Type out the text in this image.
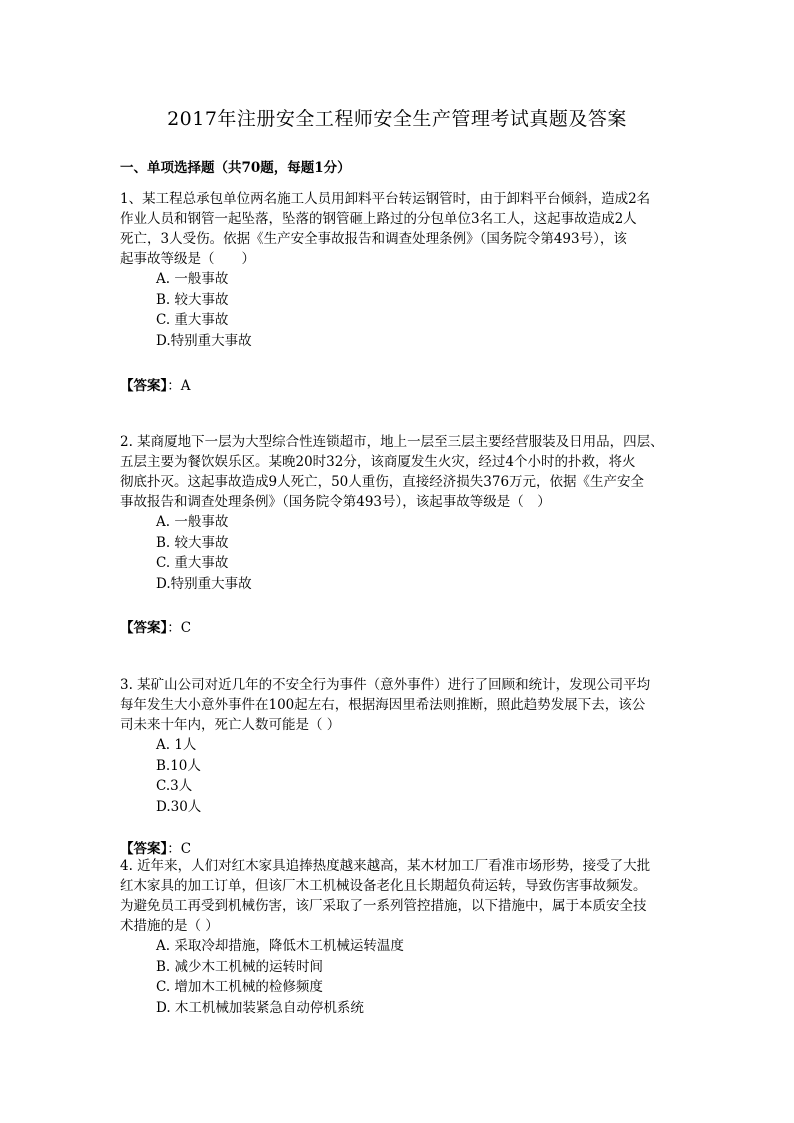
2017年注册安全工程师安全生产管理考试真题及答案
一、单项选择题（共70题，每题1分）

1、某工程总承包单位两名施工人员用卸料平台转运钢管时，由于卸料平台倾斜，造成2名

作业人员和钢管一起坠落，坠落的钢管砸上路过的分包单位3名工人，这起事故造成2人

死亡，3人受伤。依据《生产安全事故报告和调查处理条例》（国务院令第493号），该

起事故等级是（　　）

A. 一般事故
B. 较大事故
C. 重大事故
D.特别重大事故
【答案】：A

2. 某商厦地下一层为大型综合性连锁超市，地上一层至三层主要经营服装及日用品，四层、

五层主要为餐饮娱乐区。某晚20时32分，该商厦发生火灾，经过4个小时的扑救，将火

彻底扑灭。这起事故造成9人死亡，50人重伤，直接经济损失376万元，依据《生产安全

事故报告和调查处理条例》（国务院令第493号），该起事故等级是（　）

A. 一般事故
B. 较大事故
C. 重大事故
D.特别重大事故
【答案】：C

3. 某矿山公司对近几年的不安全行为事件（意外事件）进行了回顾和统计，发现公司平均

每年发生大小意外事件在100起左右，根据海因里希法则推断，照此趋势发展下去，该公

司未来十年内，死亡人数可能是（ ）

A. 1人
B.10人
C.3人
D.30人
【答案】：C

4. 近年来，人们对红木家具追捧热度越来越高，某木材加工厂看准市场形势，接受了大批

红木家具的加工订单，但该厂木工机械设备老化且长期超负荷运转，导致伤害事故频发。

为避免员工再受到机械伤害，该厂采取了一系列管控措施，以下措施中，属于本质安全技

术措施的是（ ）

A. 采取冷却措施，降低木工机械运转温度
B. 减少木工机械的运转时间
C. 增加木工机械的检修频度
D. 木工机械加装紧急自动停机系统
